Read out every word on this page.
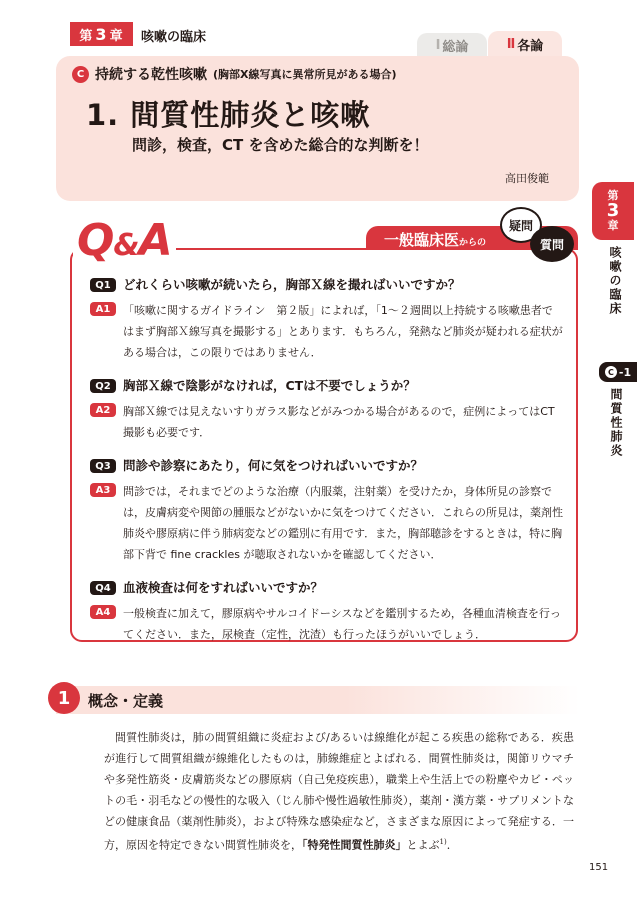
第 3 章 咳嗽の臨床	Ⅰ 総論	Ⅱ 各論
C 持続する乾性咳嗽 (胸部X線写真に異常所見がある場合)
1. 間質性肺炎と咳嗽
問診，検査，CT を含めた総合的な判断を！
高田俊範
第
3
章
咳嗽の臨床
C -1
間質性肺炎
Q&A	一般臨床医からの
疑問
質問
Q1 どれくらい咳嗽が続いたら，胸部Ｘ線を撮ればいいですか？
A1	「咳嗽に関するガイドライン　第２版」によれば，「1～２週間以上持続する咳嗽患者ではまず胸部Ｘ線写真を撮影する」とあります．もちろん，発熱など肺炎が疑われる症状がある場合は，この限りではありません．
Q2 胸部Ｘ線で陰影がなければ，CTは不要でしょうか？
A2	胸部Ｘ線では見えないすりガラス影などがみつかる場合があるので，症例によってはCT撮影も必要です．
Q3 問診や診察にあたり，何に気をつければいいですか？
A3	問診では，それまでどのような治療（内服薬，注射薬）を受けたか，身体所見の診察では，皮膚病変や関節の腫脹などがないかに気をつけてください．これらの所見は，薬剤性肺炎や膠原病に伴う肺病変などの鑑別に有用です．また，胸部聴診をするときは，特に胸部下背で fine crackles が聴取されないかを確認してください．
Q4 血液検査は何をすればいいですか？
A4	一般検査に加えて，膠原病やサルコイドーシスなどを鑑別するため，各種血清検査を行ってください．また，尿検査（定性，沈渣）も行ったほうがいいでしょう．
1	概念・定義
間質性肺炎は，肺の間質組織に炎症および/あるいは線維化が起こる疾患の総称である．疾患が進行して間質組織が線維化したものは，肺線維症とよばれる．間質性肺炎は，関節リウマチや多発性筋炎・皮膚筋炎などの膠原病（自己免疫疾患），職業上や生活上での粉塵やカビ・ペットの毛・羽毛などの慢性的な吸入（じん肺や慢性過敏性肺炎），薬剤・漢方薬・サプリメントなどの健康食品（薬剤性肺炎），および特殊な感染症など，さまざまな原因によって発症する．一方，原因を特定できない間質性肺炎を，「特発性間質性肺炎」とよぶ$^{1)}$．
151
